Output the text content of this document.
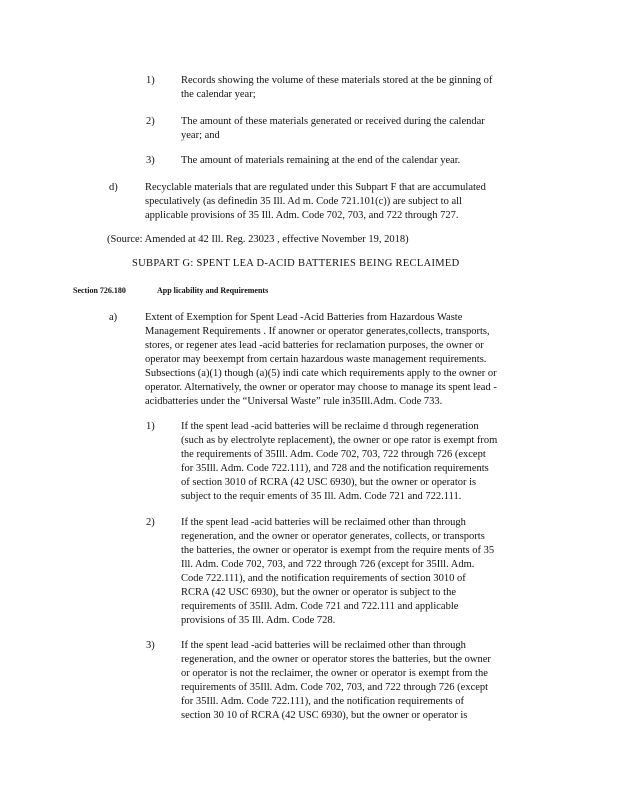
1)	Records showing the volume of these materials stored at the be ginning of
the calendar year;
2)	The amount of these materials generated or received during the calendar
year; and
3)	The amount of materials remaining at the end of the calendar year.
d)	Recyclable materials that are regulated under this Subpart F that are accumulated
speculatively (as definedin 35 Ill. Ad m. Code 721.101(c)) are subject to all
applicable provisions of 35 Ill. Adm. Code 702, 703, and 722 through 727.
(Source: Amended at 42 Ill. Reg. 23023 , effective November 19, 2018)
SUBPART G: SPENT LEA D-ACID BATTERIES BEING RECLAIMED
Section 726.180	App licability and Requirements
a)	Extent of Exemption for Spent Lead -Acid Batteries from Hazardous Waste
Management Requirements . If anowner or operator generates,collects, transports,
stores, or regener ates lead -acid batteries for reclamation purposes, the owner or
operator may beexempt from certain hazardous waste management requirements.
Subsections (a)(1) though (a)(5) indi cate which requirements apply to the owner or
operator. Alternatively, the owner or operator may choose to manage its spent lead -
acidbatteries under the “Universal Waste” rule in35Ill.Adm. Code 733.
1)	If the spent lead -acid batteries will be reclaime d through regeneration
(such as by electrolyte replacement), the owner or ope rator is exempt from
the requirements of 35Ill. Adm. Code 702, 703, 722 through 726 (except
for 35Ill. Adm. Code 722.111), and 728 and the notification requirements
of section 3010 of RCRA (42 USC 6930), but the owner or operator is
subject to the requir ements of 35 Ill. Adm. Code 721 and 722.111.
2)	If the spent lead -acid batteries will be reclaimed other than through
regeneration, and the owner or operator generates, collects, or transports
the batteries, the owner or operator is exempt from the require ments of 35
Ill. Adm. Code 702, 703, and 722 through 726 (except for 35Ill. Adm.
Code 722.111), and the notification requirements of section 3010 of
RCRA (42 USC 6930), but the owner or operator is subject to the
requirements of 35Ill. Adm. Code 721 and 722.111 and applicable
provisions of 35 Ill. Adm. Code 728.
3)	If the spent lead -acid batteries will be reclaimed other than through
regeneration, and the owner or operator stores the batteries, but the owner
or operator is not the reclaimer, the owner or operator is exempt from the
requirements of 35Ill. Adm. Code 702, 703, and 722 through 726 (except
for 35Ill. Adm. Code 722.111), and the notification requirements of
section 30 10 of RCRA (42 USC 6930), but the owner or operator is
